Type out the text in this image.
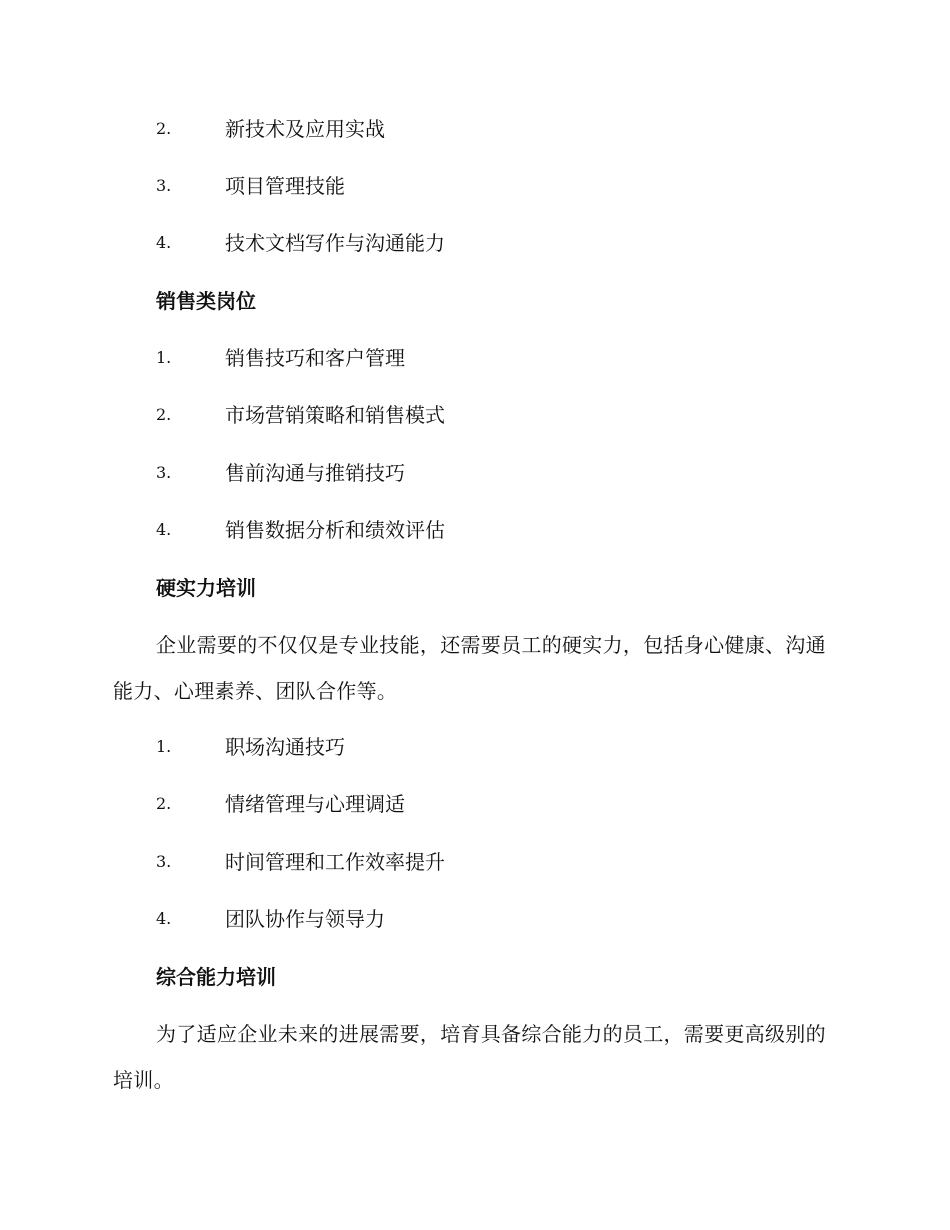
2.	新技术及应用实战
3.	项目管理技能
4.	技术文档写作与沟通能力
销售类岗位
1.	销售技巧和客户管理
2.	市场营销策略和销售模式
3.	售前沟通与推销技巧
4.	销售数据分析和绩效评估
硬实力培训
企业需要的不仅仅是专业技能，还需要员工的硬实力，包括身心健康、沟通能力、心理素养、团队合作等。
1.	职场沟通技巧
2.	情绪管理与心理调适
3.	时间管理和工作效率提升
4.	团队协作与领导力
综合能力培训
为了适应企业未来的进展需要，培育具备综合能力的员工，需要更高级别的培训。
